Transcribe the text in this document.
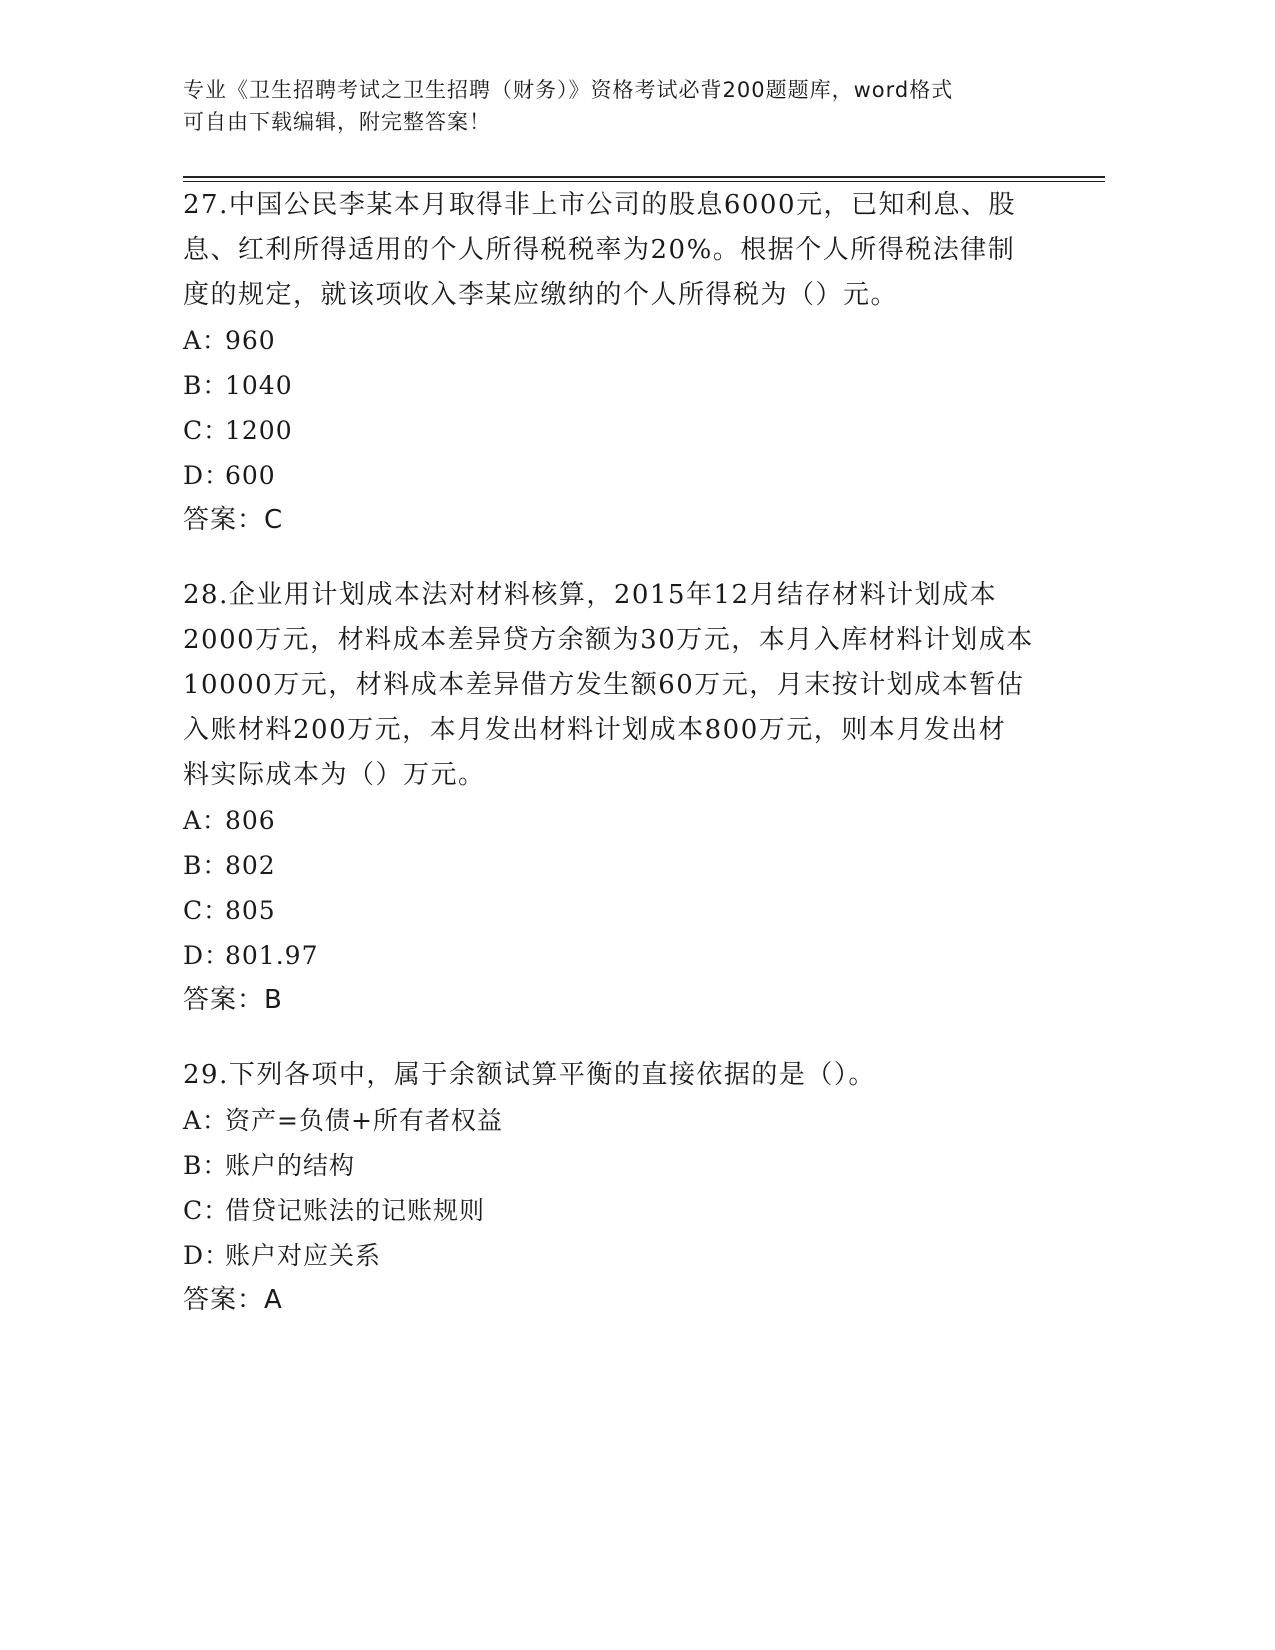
专业《卫生招聘考试之卫生招聘（财务）》资格考试必背200题题库，word格式
可自由下载编辑，附完整答案！
27.中国公民李某本月取得非上市公司的股息6000元，已知利息、股
息、红利所得适用的个人所得税税率为20%。根据个人所得税法律制
度的规定，就该项收入李某应缴纳的个人所得税为（）元。
A：960
B：1040
C：1200
D：600
答案：C
28.企业用计划成本法对材料核算，2015年12月结存材料计划成本
2000万元，材料成本差异贷方余额为30万元，本月入库材料计划成本
10000万元，材料成本差异借方发生额60万元，月末按计划成本暂估
入账材料200万元，本月发出材料计划成本800万元，则本月发出材
料实际成本为（）万元。
A：806
B：802
C：805
D：801.97
答案：B
29.下列各项中，属于余额试算平衡的直接依据的是（）。
A：资产=负债+所有者权益
B：账户的结构
C：借贷记账法的记账规则
D：账户对应关系
答案：A
